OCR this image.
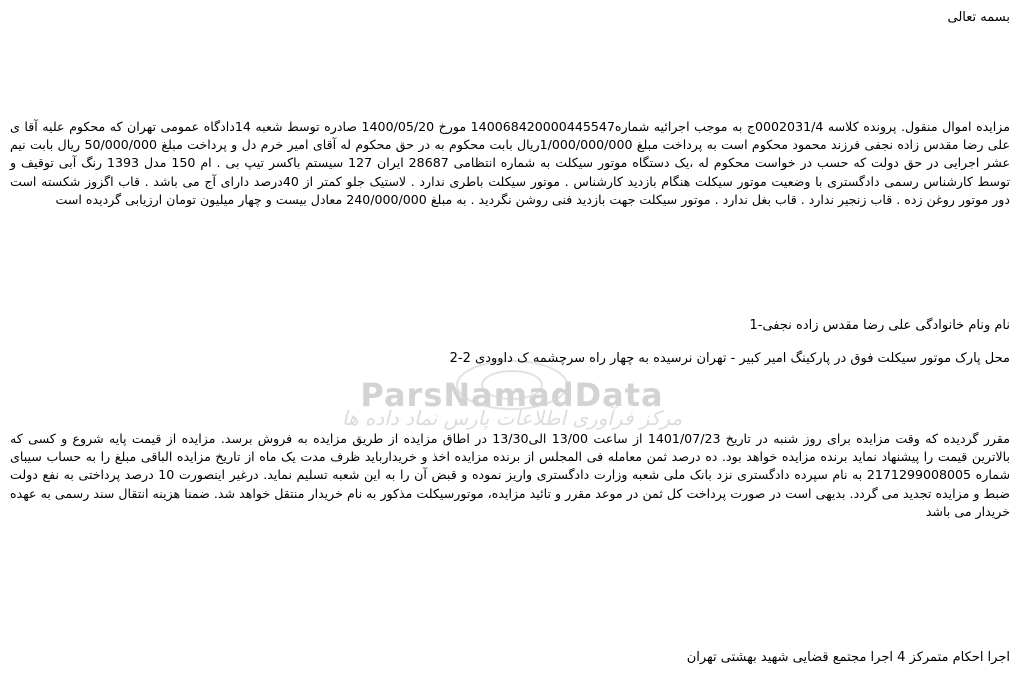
ParsNamadData
مرکز فرآوری اطلاعات پارس نماد داده ها
بسمه تعالی

مزایده اموال منقول. پرونده کلاسه 0002031/4ج به موجب اجرائیه شماره140068420000445547 مورخ 1400/05/20 صادره توسط شعبه 14دادگاه عمومی تهران که محکوم علیه آقا ی علی رضا مقدس زاده نجفی فرزند محمود محکوم است به پرداخت مبلغ 1/000/000/000ریال بابت محکوم به در حق محکوم له آقای امیر خرم دل و پرداخت مبلغ 50/000/000 ریال بابت نیم عشر اجرایی در حق دولت که حسب در خواست محکوم له ،یک دستگاه موتور سیکلت به شماره انتظامی 28687 ایران 127 سیستم باکسر تیپ بی . ام 150 مدل 1393 رنگ آبی توقیف و توسط کارشناس رسمی دادگستری با وضعیت موتور سیکلت هنگام بازدید کارشناس . موتور سیکلت باطری ندارد . لاستیک جلو کمتر از 40درصد دارای آج می باشد . قاب اگزوز شکسته است دور موتور روغن زده . قاب زنجیر ندارد . قاب بغل ندارد . موتور سیکلت جهت بازدید فنی روشن نگردید . به مبلغ 240/000/000 معادل بیست و چهار میلیون تومان ارزیابی گردیده است

نام ونام خانوادگی علی رضا مقدس زاده نجفی-1
محل پارک موتور سیکلت فوق در پارکینگ امیر کبیر - تهران نرسیده به چهار راه سرچشمه ک داوودی 2-2

مقرر گردیده که وقت مزایده برای روز شنبه در تاریخ 1401/07/23 از ساعت 13/00 الی13/30 در اطاق مزایده از طریق مزایده به فروش برسد. مزایده از قیمت پایه شروع و کسی که بالاترین قیمت را پیشنهاد نماید برنده مزایده خواهد بود. ده درصد ثمن معامله فی المجلس از برنده مزایده اخذ و خریداربايد ظرف مدت یک ماه از تاریخ مزایده الباقی مبلغ را به حساب سیبای شماره 2171299008005 به نام سپرده دادگستری نزد بانک ملی شعبه وزارت دادگستری واریز نموده و قبض آن را به این شعبه تسلیم نماید. درغیر اینصورت 10 درصد پرداختی به نفع دولت ضبط و مزایده تجدید می گردد. بدیهی است در صورت پرداخت کل ثمن در موعد مقرر و تائید مزایده، موتورسیکلت مذکور به نام خریدار منتقل خواهد شد. ضمنا هزینه انتقال سند رسمی به عهده خریدار می باشد

اجرا احکام متمرکز 4 اجرا مجتمع قضایی شهید بهشتی تهران
